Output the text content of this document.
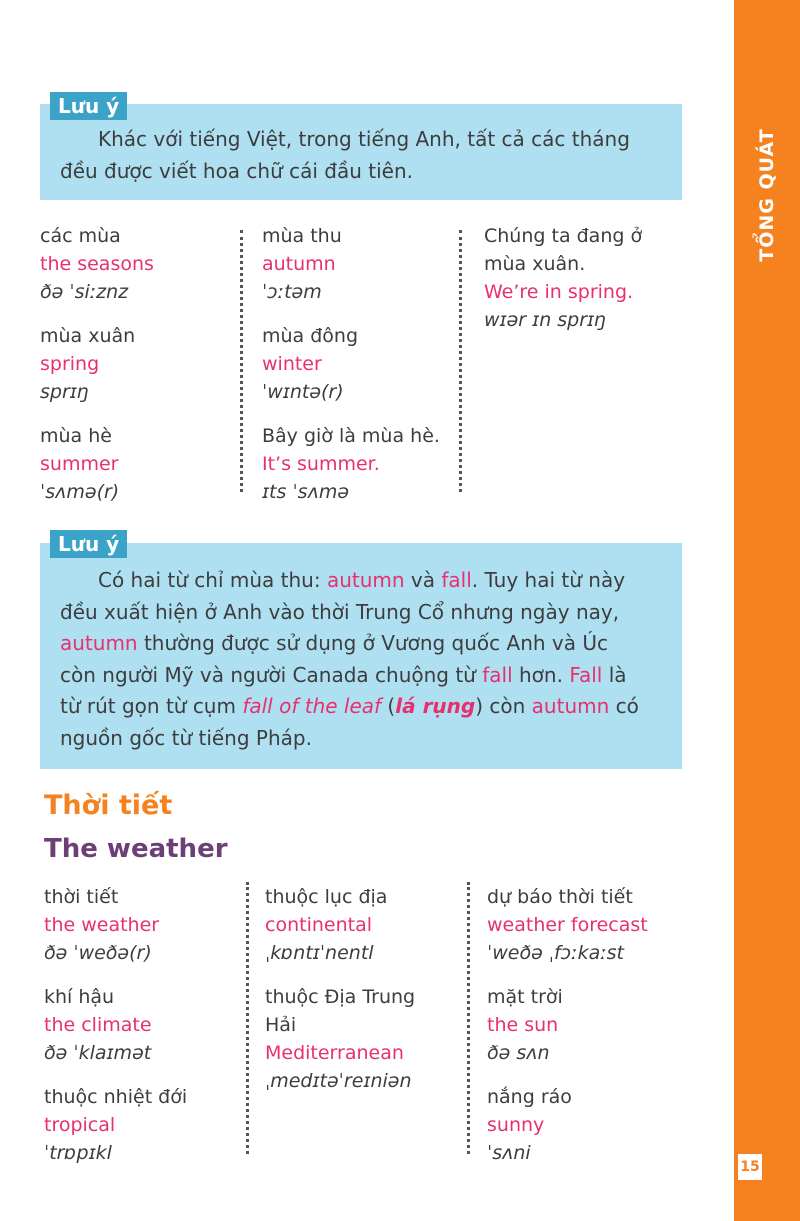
TỔNG QUÁT
15
Khác với tiếng Việt, trong tiếng Anh, tất cả các tháng
đều được viết hoa chữ cái đầu tiên.
Lưu ý
các mùa
the seasons
ðə ˈsiːznz
mùa xuân
spring
sprɪŋ
mùa hè
summer
ˈsʌmə(r)
mùa thu
autumn
ˈɔːtəm
mùa đông
winter
ˈwɪntə(r)
Bây giờ là mùa hè.
It’s summer.
ɪts ˈsʌmə
Chúng ta đang ở
mùa xuân.
We’re in spring.
wɪər ɪn sprɪŋ
Có hai từ chỉ mùa thu: autumn và fall. Tuy hai từ này
đều xuất hiện ở Anh vào thời Trung Cổ nhưng ngày nay,
autumn thường được sử dụng ở Vương quốc Anh và Úc
còn người Mỹ và người Canada chuộng từ fall hơn. Fall là
từ rút gọn từ cụm fall of the leaf (lá rụng) còn autumn có
nguồn gốc từ tiếng Pháp.
Lưu ý
Thời tiết
The weather
thời tiết
the weather
ðə ˈweðə(r)
khí hậu
the climate
ðə ˈklaɪmət
thuộc nhiệt đới
tropical
ˈtrɒpɪkl
thuộc lục địa
continental
ˌkɒntɪˈnentl
thuộc Địa Trung
Hải
Mediterranean
ˌmedɪtəˈreɪniən
dự báo thời tiết
weather forecast
ˈweðə ˌfɔːkaːst
mặt trời
the sun
ðə sʌn
nắng ráo
sunny
ˈsʌni
